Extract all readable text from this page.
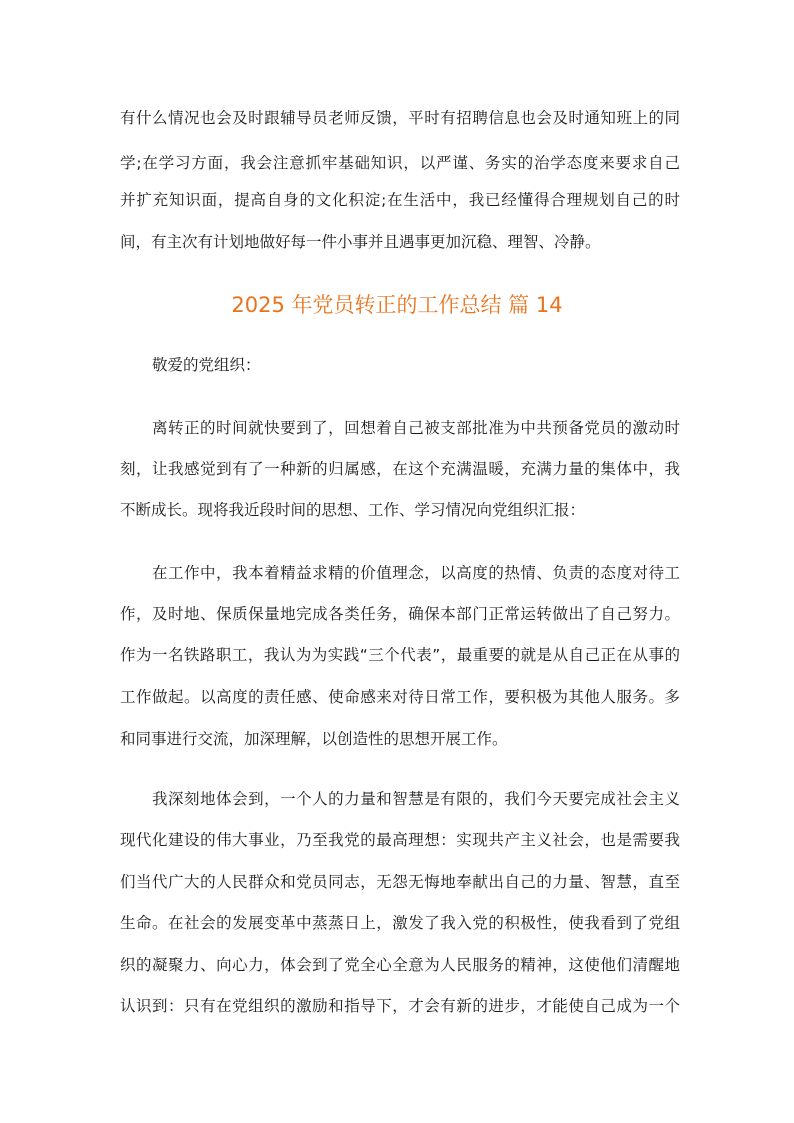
有什么情况也会及时跟辅导员老师反馈，平时有招聘信息也会及时通知班上的同
学;在学习方面，我会注意抓牢基础知识，以严谨、务实的治学态度来要求自己
并扩充知识面，提高自身的文化积淀;在生活中，我已经懂得合理规划自己的时
间，有主次有计划地做好每一件小事并且遇事更加沉稳、理智、冷静。
2025 年党员转正的工作总结 篇 14
敬爱的党组织：
离转正的时间就快要到了，回想着自己被支部批准为中共预备党员的激动时
刻，让我感觉到有了一种新的归属感，在这个充满温暖，充满力量的集体中，我
不断成长。现将我近段时间的思想、工作、学习情况向党组织汇报：
在工作中，我本着精益求精的价值理念，以高度的热情、负责的态度对待工
作，及时地、保质保量地完成各类任务，确保本部门正常运转做出了自己努力。
作为一名铁路职工，我认为为实践“三个代表”，最重要的就是从自己正在从事的
工作做起。以高度的责任感、使命感来对待日常工作，要积极为其他人服务。多
和同事进行交流，加深理解，以创造性的思想开展工作。
我深刻地体会到，一个人的力量和智慧是有限的，我们今天要完成社会主义
现代化建设的伟大事业，乃至我党的最高理想：实现共产主义社会，也是需要我
们当代广大的人民群众和党员同志，无怨无悔地奉献出自己的力量、智慧，直至
生命。在社会的发展变革中蒸蒸日上，激发了我入党的积极性，使我看到了党组
织的凝聚力、向心力，体会到了党全心全意为人民服务的精神，这使他们清醒地
认识到：只有在党组织的激励和指导下，才会有新的进步，才能使自己成为一个
